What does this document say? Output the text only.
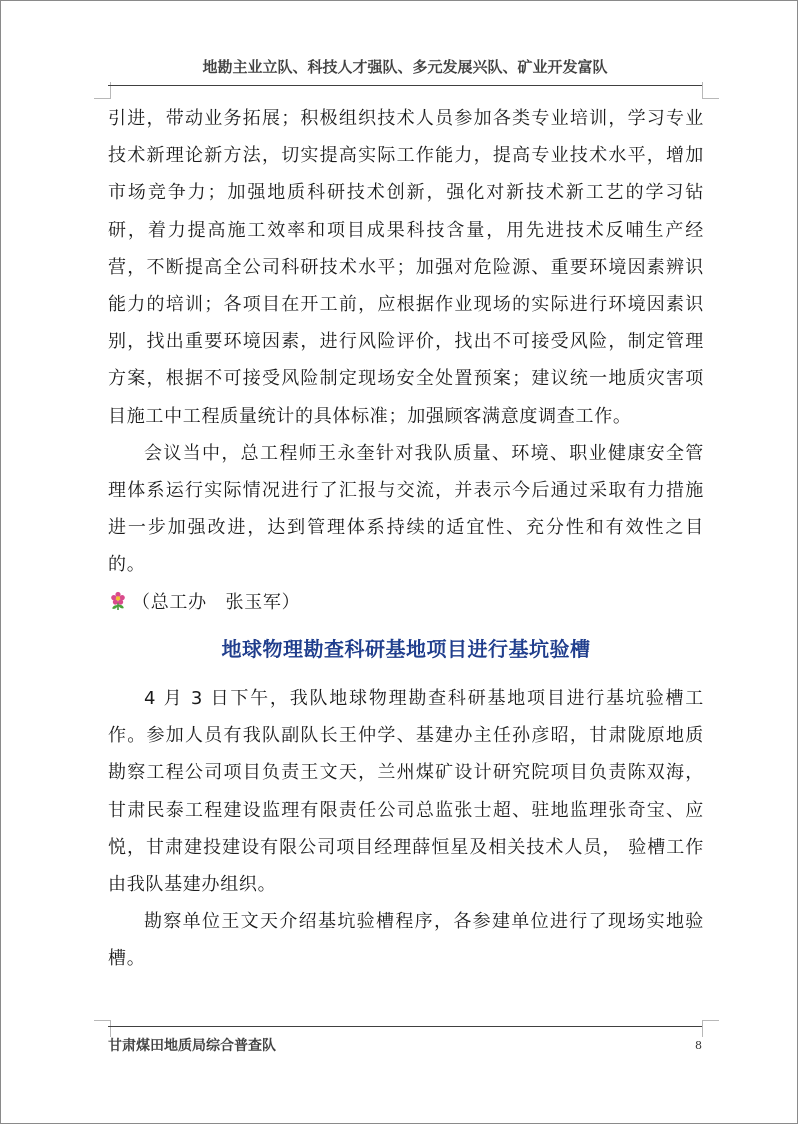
地勘主业立队、科技人才强队、多元发展兴队、矿业开发富队

引进，带动业务拓展；积极组织技术人员参加各类专业培训，学习专业技术新理论新方法，切实提高实际工作能力，提高专业技术水平，增加市场竞争力；加强地质科研技术创新，强化对新技术新工艺的学习钻研，着力提高施工效率和项目成果科技含量，用先进技术反哺生产经营，不断提高全公司科研技术水平；加强对危险源、重要环境因素辨识能力的培训；各项目在开工前，应根据作业现场的实际进行环境因素识别，找出重要环境因素，进行风险评价，找出不可接受风险，制定管理方案，根据不可接受风险制定现场安全处置预案；建议统一地质灾害项目施工中工程质量统计的具体标准；加强顾客满意度调查工作。

会议当中，总工程师王永奎针对我队质量、环境、职业健康安全管理体系运行实际情况进行了汇报与交流，并表示今后通过采取有力措施进一步加强改进，达到管理体系持续的适宜性、充分性和有效性之目的。

（总工办　张玉军）

地球物理勘查科研基地项目进行基坑验槽

4 月 3 日下午，我队地球物理勘查科研基地项目进行基坑验槽工作。参加人员有我队副队长王仲学、基建办主任孙彦昭，甘肃陇原地质勘察工程公司项目负责王文天，兰州煤矿设计研究院项目负责陈双海，甘肃民泰工程建设监理有限责任公司总监张士超、驻地监理张奇宝、应悦，甘肃建投建设有限公司项目经理薛恒星及相关技术人员， 验槽工作由我队基建办组织。

勘察单位王文天介绍基坑验槽程序，各参建单位进行了现场实地验槽。

甘肃煤田地质局综合普查队	8
